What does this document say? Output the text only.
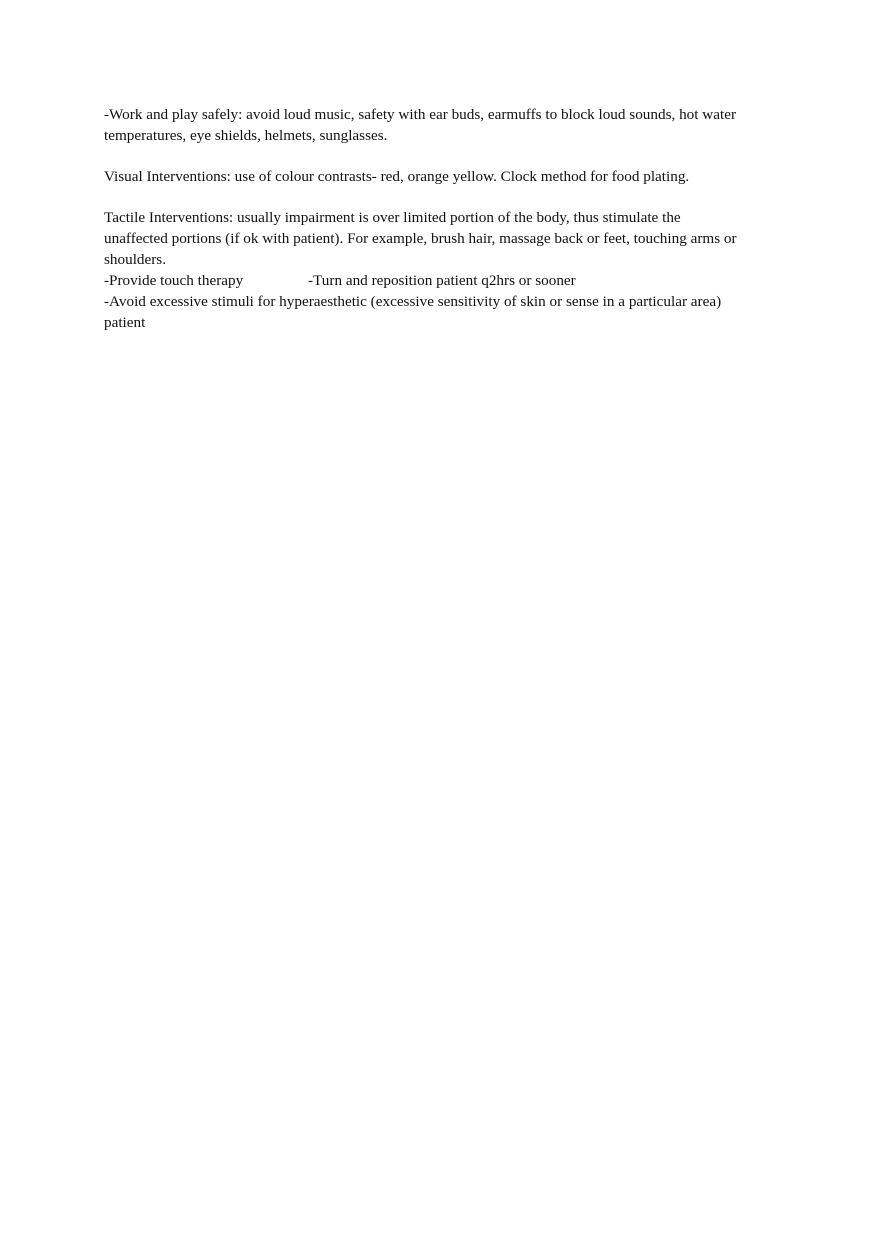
-Work and play safely: avoid loud music, safety with ear buds, earmuffs to block loud sounds, hot water
temperatures, eye shields, helmets, sunglasses.

Visual Interventions: use of colour contrasts- red, orange yellow. Clock method for food plating.

Tactile Interventions: usually impairment is over limited portion of the body, thus stimulate the
unaffected portions (if ok with patient). For example, brush hair, massage back or feet, touching arms or
shoulders.
-Provide touch therapy	-Turn and reposition patient q2hrs or sooner
-Avoid excessive stimuli for hyperaesthetic (excessive sensitivity of skin or sense in a particular area)
patient
